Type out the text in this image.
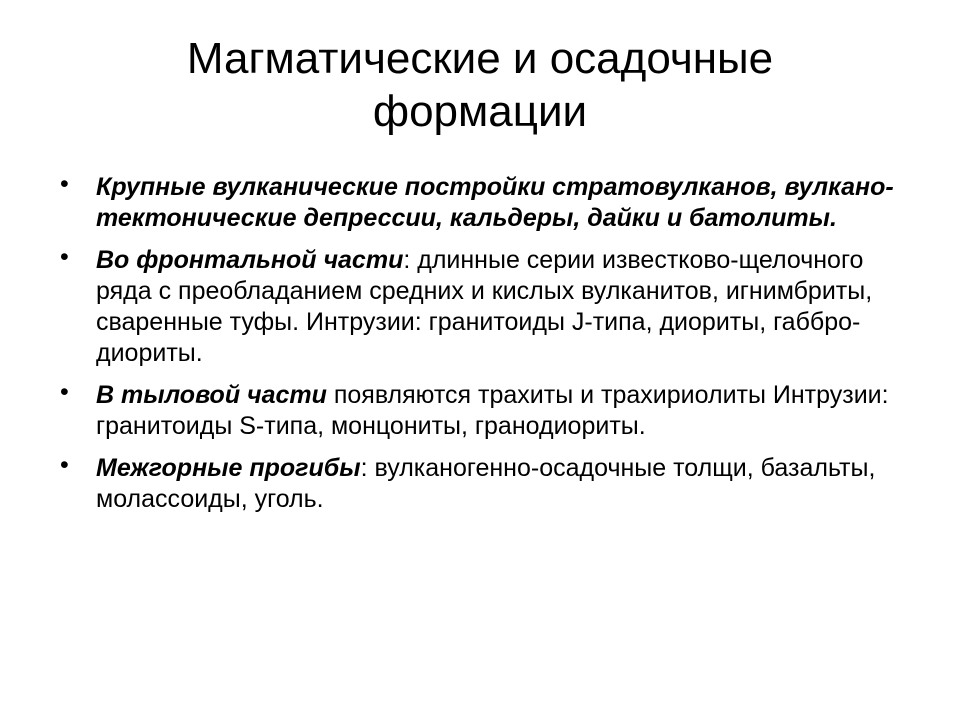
Магматические и осадочные
формации
• Крупные вулканические постройки стратовулканов, вулкано-тектонические депрессии, кальдеры, дайки и батолиты.
• Во фронтальной части: длинные серии известково-щелочного ряда с преобладанием средних и кислых вулканитов, игнимбриты, сваренные туфы. Интрузии: гранитоиды J-типа, диориты, габбро-диориты.
• В тыловой части появляются трахиты и трахириолиты Интрузии: гранитоиды S-типа, монцониты, гранодиориты.
• Межгорные прогибы: вулканогенно-осадочные толщи, базальты, молассоиды, уголь.
